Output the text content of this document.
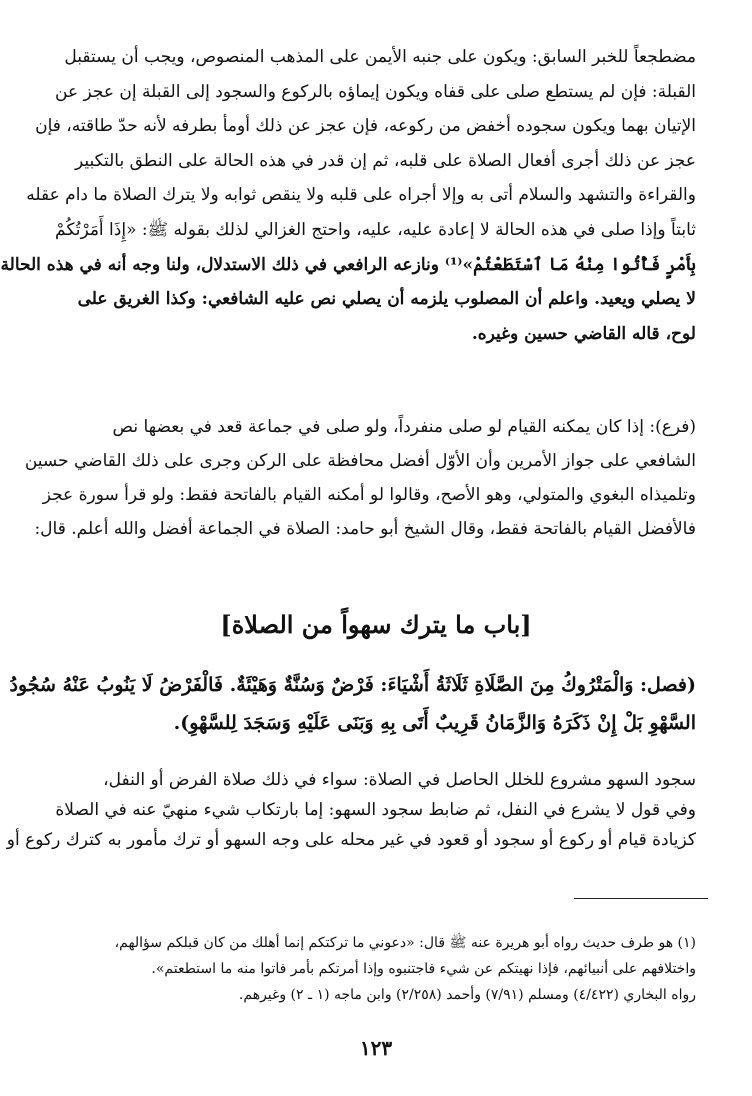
مضطجعاً للخبر السابق: ويكون على جنبه الأيمن على المذهب المنصوص، ويجب أن يستقبل
القبلة: فإن لم يستطع صلى على قفاه ويكون إيماؤه بالركوع والسجود إلى القبلة إن عجز عن
الإتيان بهما ويكون سجوده أخفض من ركوعه، فإن عجز عن ذلك أومأ بطرفه لأنه حدّ طاقته، فإن
عجز عن ذلك أجرى أفعال الصلاة على قلبه، ثم إن قدر في هذه الحالة على النطق بالتكبير
والقراءة والتشهد والسلام أتى به وإلا أجراه على قلبه ولا ينقص ثوابه ولا يترك الصلاة ما دام عقله
ثابتاً وإذا صلى في هذه الحالة لا إعادة عليه، عليه، واحتج الغزالي لذلك بقوله ﷺ: «إِذَا أَمَرْتُكُمْ
بِأَمْرٍ فَأْتُوا مِنْهُ مَا ٱسْتَطَعْتُمْ»⁽¹⁾ ونازعه الرافعي في ذلك الاستدلال، ولنا وجه أنه في هذه الحالة
لا يصلي ويعيد. واعلم أن المصلوب يلزمه أن يصلي نص عليه الشافعي: وكذا الغريق على
لوح، قاله القاضي حسين وغيره.
(فرع): إذا كان يمكنه القيام لو صلى منفرداً، ولو صلى في جماعة قعد في بعضها نص
الشافعي على جواز الأمرين وأن الأوّل أفضل محافظة على الركن وجرى على ذلك القاضي حسين
وتلميذاه البغوي والمتولي، وهو الأصح، وقالوا لو أمكنه القيام بالفاتحة فقط: ولو قرأ سورة عجز
فالأفضل القيام بالفاتحة فقط، وقال الشيخ أبو حامد: الصلاة في الجماعة أفضل والله أعلم. قال:
[باب ما يترك سهواً من الصلاة]
(فصل: وَالْمَتْرُوكُ مِنَ الصَّلَاةِ ثَلَاثَةُ أَشْيَاءَ: فَرْضٌ وَسُنَّةٌ وَهَيْئَةٌ. فَالْفَرْضُ لَا يَنُوبُ عَنْهُ سُجُودُ
السَّهْوِ بَلْ إِنْ ذَكَرَهُ وَالزَّمَانُ قَرِيبٌ أَتَى بِهِ وَبَنَى عَلَيْهِ وَسَجَدَ لِلسَّهْوِ).
سجود السهو مشروع للخلل الحاصل في الصلاة: سواء في ذلك صلاة الفرض أو النفل،
وفي قول لا يشرع في النفل، ثم ضابط سجود السهو: إما بارتكاب شيء منهيّ عنه في الصلاة
كزيادة قيام أو ركوع أو سجود أو قعود في غير محله على وجه السهو أو ترك مأمور به كترك ركوع أو
(١) هو طرف حديث رواه أبو هريرة عنه ﷺ قال: «دعوني ما تركتكم إنما أهلك من كان قبلكم سؤالهم،
واختلافهم على أنبيائهم، فإذا نهيتكم عن شيء فاجتنبوه وإذا أمرتكم بأمر فاتوا منه ما استطعتم».
رواه البخاري (٤/٤٢٢) ومسلم (٧/٩١) وأحمد (٢/٢٥٨) وابن ماجه (١ ـ ٢) وغيرهم.
١٢٣
